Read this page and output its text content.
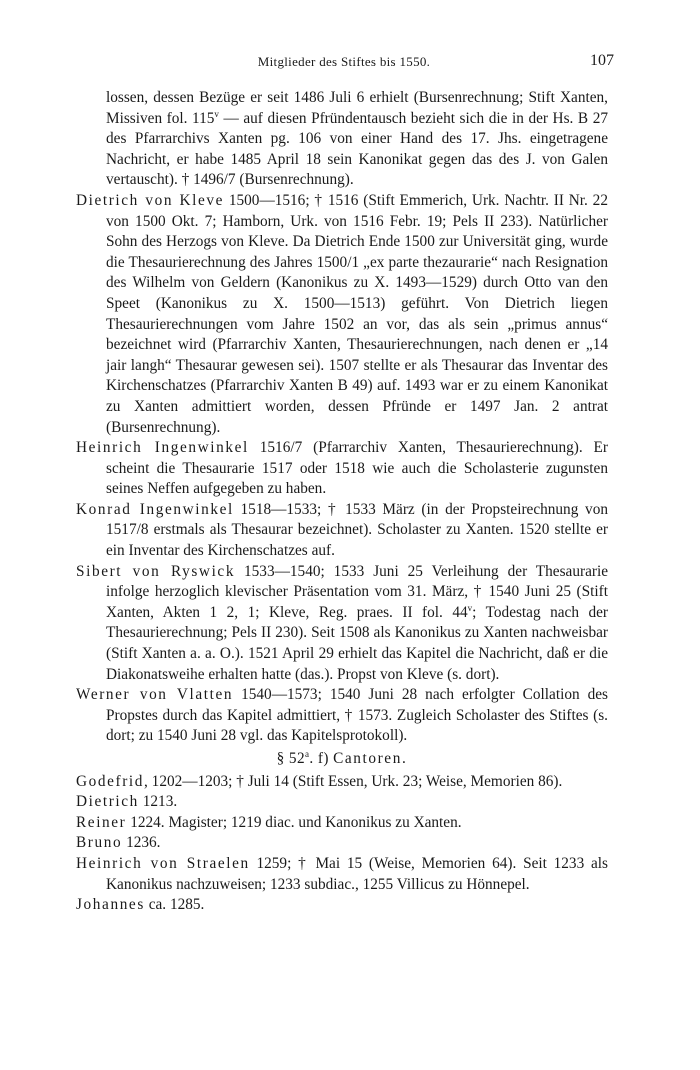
Mitglieder des Stiftes bis 1550.	107

lossen, dessen Bezüge er seit 1486 Juli 6 erhielt (Bursenrechnung; Stift Xanten, Missiven fol. 115$^v$ — auf diesen Pfründentausch bezieht sich die in der Hs. B 27 des Pfarrarchivs Xanten pg. 106 von einer Hand des 17. Jhs. eingetragene Nachricht, er habe 1485 April 18 sein Kanonikat gegen das des J. von Galen vertauscht). † 1496/7 (Bursenrechnung).

Dietrich von Kleve 1500—1516; † 1516 (Stift Emmerich, Urk. Nachtr. II Nr. 22 von 1500 Okt. 7; Hamborn, Urk. von 1516 Febr. 19; Pels II 233). Natürlicher Sohn des Herzogs von Kleve. Da Dietrich Ende 1500 zur Universität ging, wurde die Thesaurierechnung des Jahres 1500/1 „ex parte thezaurarie“ nach Resignation des Wilhelm von Geldern (Kanonikus zu X. 1493—1529) durch Otto van den Speet (Kanonikus zu X. 1500—1513) geführt. Von Dietrich liegen Thesaurierechnungen vom Jahre 1502 an vor, das als sein „primus annus“ bezeichnet wird (Pfarrarchiv Xanten, Thesaurierechnungen, nach denen er „14 jair langh“ Thesaurar gewesen sei). 1507 stellte er als Thesaurar das Inventar des Kirchenschatzes (Pfarrarchiv Xanten B 49) auf. 1493 war er zu einem Kanonikat zu Xanten admittiert worden, dessen Pfründe er 1497 Jan. 2 antrat (Bursenrechnung).

Heinrich Ingenwinkel 1516/7 (Pfarrarchiv Xanten, Thesaurierechnung). Er scheint die Thesaurarie 1517 oder 1518 wie auch die Scholasterie zugunsten seines Neffen aufgegeben zu haben.

Konrad Ingenwinkel 1518—1533; † 1533 März (in der Propsteirechnung von 1517/8 erstmals als Thesaurar bezeichnet). Scholaster zu Xanten. 1520 stellte er ein Inventar des Kirchenschatzes auf.

Sibert von Ryswick 1533—1540; 1533 Juni 25 Verleihung der Thesaurarie infolge herzoglich klevischer Präsentation vom 31. März, † 1540 Juni 25 (Stift Xanten, Akten 1 2, 1; Kleve, Reg. praes. II fol. 44$^v$; Todestag nach der Thesaurierechnung; Pels II 230). Seit 1508 als Kanonikus zu Xanten nachweisbar (Stift Xanten a. a. O.). 1521 April 29 erhielt das Kapitel die Nachricht, daß er die Diakonatsweihe erhalten hatte (das.). Propst von Kleve (s. dort).

Werner von Vlatten 1540—1573; 1540 Juni 28 nach erfolgter Collation des Propstes durch das Kapitel admittiert, † 1573. Zugleich Scholaster des Stiftes (s. dort; zu 1540 Juni 28 vgl. das Kapitelsprotokoll).

§ 52$^a$. f) Cantoren.

Godefrid, 1202—1203; † Juli 14 (Stift Essen, Urk. 23; Weise, Memorien 86).

Dietrich 1213.

Reiner 1224. Magister; 1219 diac. und Kanonikus zu Xanten.

Bruno 1236.

Heinrich von Straelen 1259; † Mai 15 (Weise, Memorien 64). Seit 1233 als Kanonikus nachzuweisen; 1233 subdiac., 1255 Villicus zu Hönnepel.

Johannes ca. 1285.
